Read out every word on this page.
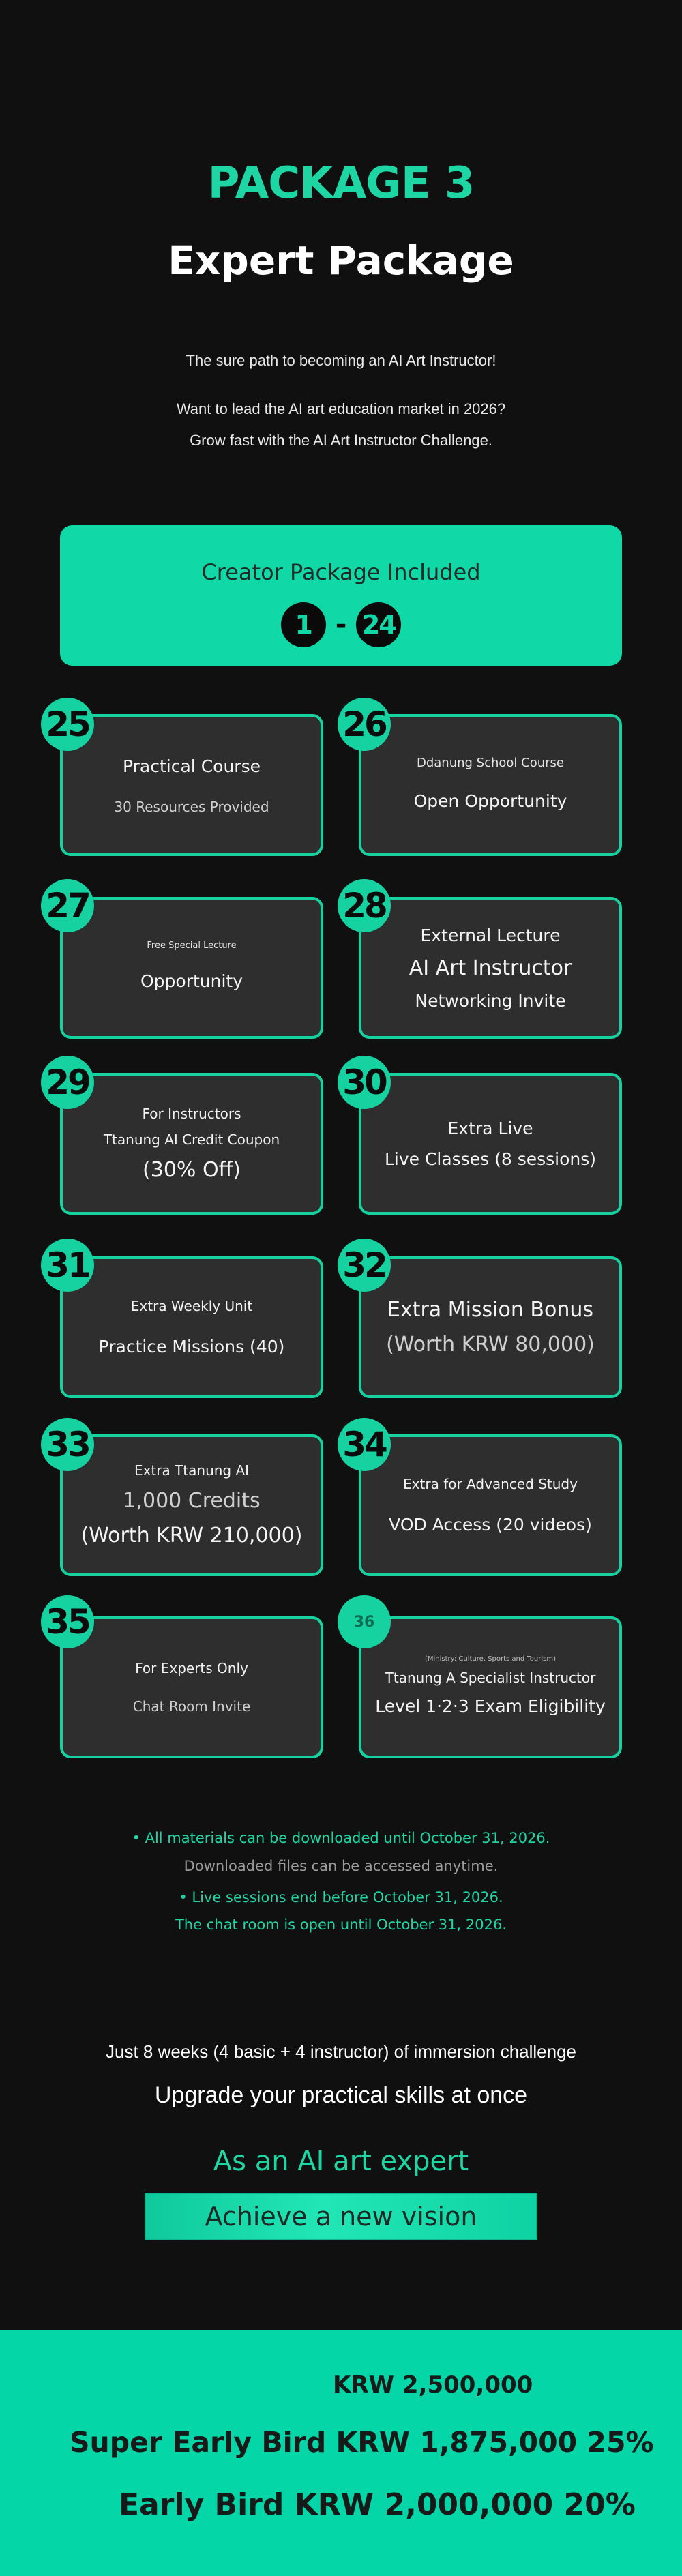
PACKAGE 3
Expert Package
The sure path to becoming an AI Art Instructor!
Want to lead the AI art education market in 2026?
Grow fast with the AI Art Instructor Challenge.
Creator Package Included
1 - 24
25
Practical Course
30 Resources Provided
26
Ddanung School Course
Open Opportunity
27
Free Special Lecture
Opportunity
28
External Lecture
AI Art Instructor
Networking Invite
29
For Instructors
Ttanung AI Credit Coupon
(30% Off)
30
Extra Live
Live Classes (8 sessions)
31
Extra Weekly Unit
Practice Missions (40)
32
Extra Mission Bonus
(Worth KRW 80,000)
33
Extra Ttanung AI
1,000 Credits
(Worth KRW 210,000)
34
Extra for Advanced Study
VOD Access (20 videos)
35
For Experts Only
Chat Room Invite
36
(Ministry: Culture, Sports and Tourism)
Ttanung A Specialist Instructor
Level 1·2·3 Exam Eligibility
• All materials can be downloaded until October 31, 2026.
Downloaded files can be accessed anytime.
• Live sessions end before October 31, 2026.
The chat room is open until October 31, 2026.
Just 8 weeks (4 basic + 4 instructor) of immersion challenge
Upgrade your practical skills at once
As an AI art expert
Achieve a new vision
KRW 2,500,000
Super Early Bird KRW 1,875,000 25%
Early Bird KRW 2,000,000 20%
